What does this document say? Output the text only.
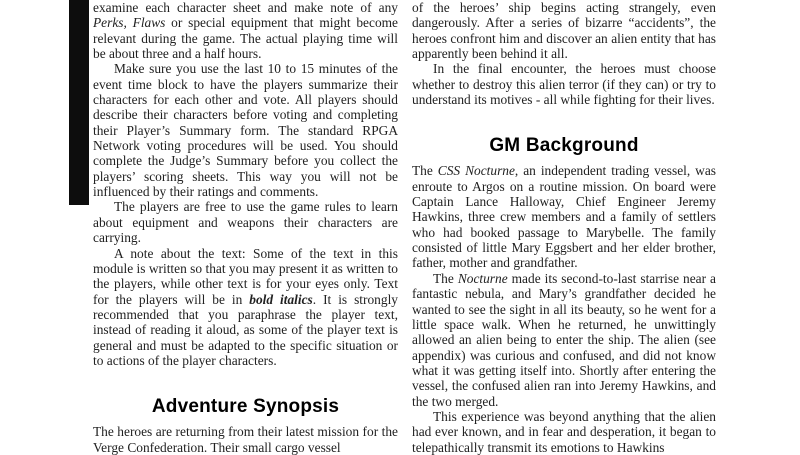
examine each character sheet and make note of any Perks, Flaws or special equipment that might become relevant during the game. The actual playing time will be about three and a half hours.

Make sure you use the last 10 to 15 minutes of the event time block to have the players summarize their characters for each other and vote. All players should describe their characters before voting and completing their Player’s Summary form. The standard RPGA Network voting procedures will be used. You should complete the Judge’s Summary before you collect the players’ scoring sheets. This way you will not be influenced by their ratings and comments.

The players are free to use the game rules to learn about equipment and weapons their characters are carrying.

A note about the text: Some of the text in this module is written so that you may present it as written to the players, while other text is for your eyes only. Text for the players will be in bold italics. It is strongly recommended that you paraphrase the player text, instead of reading it aloud, as some of the player text is general and must be adapted to the specific situation or to actions of the player characters.

Adventure Synopsis

The heroes are returning from their latest mission for the Verge Confederation. Their small cargo vessel

of the heroes’ ship begins acting strangely, even dangerously. After a series of bizarre “accidents”, the heroes confront him and discover an alien entity that has apparently been behind it all.

In the final encounter, the heroes must choose whether to destroy this alien terror (if they can) or try to understand its motives - all while fighting for their lives.

GM Background

The CSS Nocturne, an independent trading vessel, was enroute to Argos on a routine mission. On board were Captain Lance Halloway, Chief Engineer Jeremy Hawkins, three crew members and a family of settlers who had booked passage to Marybelle. The family consisted of little Mary Eggsbert and her elder brother, father, mother and grandfather.

The Nocturne made its second-to-last starrise near a fantastic nebula, and Mary’s grandfather decided he wanted to see the sight in all its beauty, so he went for a little space walk. When he returned, he unwittingly allowed an alien being to enter the ship. The alien (see appendix) was curious and confused, and did not know what it was getting itself into. Shortly after entering the vessel, the confused alien ran into Jeremy Hawkins, and the two merged.

This experience was beyond anything that the alien had ever known, and in fear and desperation, it began to telepathically transmit its emotions to Hawkins
